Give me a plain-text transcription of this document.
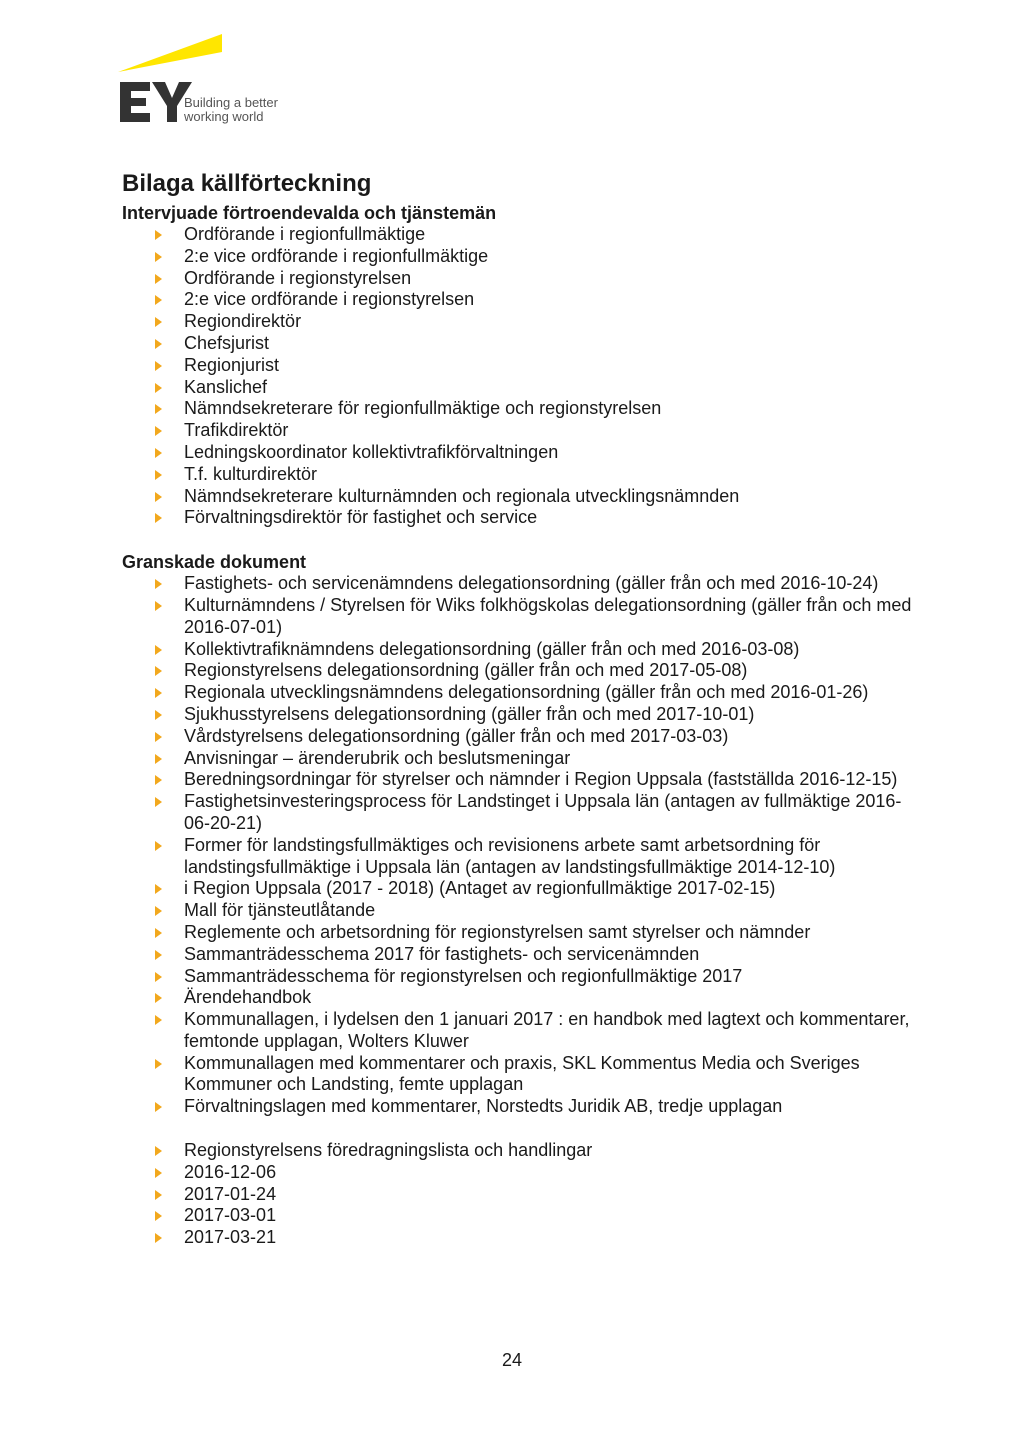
Building a better
working world
Bilaga källförteckning
Intervjuade förtroendevalda och tjänstemän
Ordförande i regionfullmäktige
2:e vice ordförande i regionfullmäktige
Ordförande i regionstyrelsen
2:e vice ordförande i regionstyrelsen
Regiondirektör
Chefsjurist
Regionjurist
Kanslichef
Nämndsekreterare för regionfullmäktige och regionstyrelsen
Trafikdirektör
Ledningskoordinator kollektivtrafikförvaltningen
T.f. kulturdirektör
Nämndsekreterare kulturnämnden och regionala utvecklingsnämnden
Förvaltningsdirektör för fastighet och service
Granskade dokument
Fastighets- och servicenämndens delegationsordning (gäller från och med 2016-10-24)
Kulturnämndens / Styrelsen för Wiks folkhögskolas delegationsordning (gäller från och med 2016-07-01)
Kollektivtrafiknämndens delegationsordning (gäller från och med 2016-03-08)
Regionstyrelsens delegationsordning (gäller från och med 2017-05-08)
Regionala utvecklingsnämndens delegationsordning (gäller från och med 2016-01-26)
Sjukhusstyrelsens delegationsordning (gäller från och med 2017-10-01)
Vårdstyrelsens delegationsordning (gäller från och med 2017-03-03)
Anvisningar – ärenderubrik och beslutsmeningar
Beredningsordningar för styrelser och nämnder i Region Uppsala (fastställda 2016-12-15)
Fastighetsinvesteringsprocess för Landstinget i Uppsala län (antagen av fullmäktige 2016-06-20-21)
Former för landstingsfullmäktiges och revisionens arbete samt arbetsordning för landstingsfullmäktige i Uppsala län (antagen av landstingsfullmäktige 2014-12-10)
i Region Uppsala (2017 - 2018) (Antaget av regionfullmäktige 2017-02-15)
Mall för tjänsteutlåtande
Reglemente och arbetsordning för regionstyrelsen samt styrelser och nämnder
Sammanträdesschema 2017 för fastighets- och servicenämnden
Sammanträdesschema för regionstyrelsen och regionfullmäktige 2017
Ärendehandbok
Kommunallagen, i lydelsen den 1 januari 2017 : en handbok med lagtext och kommentarer, femtonde upplagan, Wolters Kluwer
Kommunallagen med kommentarer och praxis, SKL Kommentus Media och Sveriges Kommuner och Landsting, femte upplagan
Förvaltningslagen med kommentarer, Norstedts Juridik AB, tredje upplagan
Regionstyrelsens föredragningslista och handlingar
2016-12-06
2017-01-24
2017-03-01
2017-03-21
24
